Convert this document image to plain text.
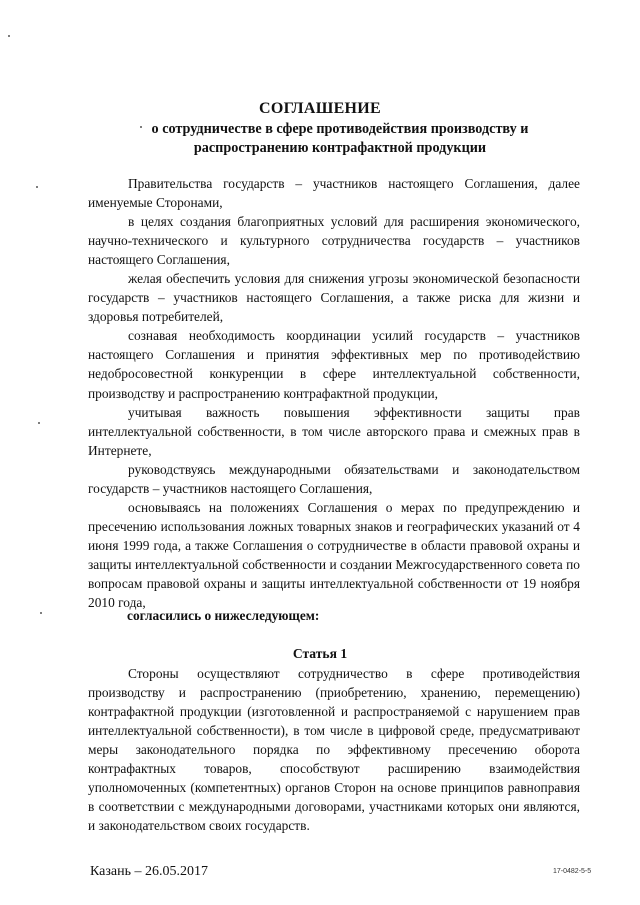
СОГЛАШЕНИЕ
о сотрудничестве в сфере противодействия производству и распространению контрафактной продукции

Правительства государств – участников настоящего Соглашения, далее именуемые Сторонами,

в целях создания благоприятных условий для расширения экономического, научно-технического и культурного сотрудничества государств – участников настоящего Соглашения,

желая обеспечить условия для снижения угрозы экономической безопасности государств – участников настоящего Соглашения, а также риска для жизни и здоровья потребителей,

сознавая необходимость координации усилий государств – участников настоящего Соглашения и принятия эффективных мер по противодействию недобросовестной конкуренции в сфере интеллектуальной собственности, производству и распространению контрафактной продукции,

учитывая важность повышения эффективности защиты прав интеллектуальной собственности, в том числе авторского права и смежных прав в Интернете,

руководствуясь международными обязательствами и законодательством государств – участников настоящего Соглашения,

основываясь на положениях Соглашения о мерах по предупреждению и пресечению использования ложных товарных знаков и географических указаний от 4 июня 1999 года, а также Соглашения о сотрудничестве в области правовой охраны и защиты интеллектуальной собственности и создании Межгосударственного совета по вопросам правовой охраны и защиты интеллектуальной собственности от 19 ноября 2010 года,

согласились о нижеследующем:
Статья 1

Стороны осуществляют сотрудничество в сфере противодействия производству и распространению (приобретению, хранению, перемещению) контрафактной продукции (изготовленной и распространяемой с нарушением прав интеллектуальной собственности), в том числе в цифровой среде, предусматривают меры законодательного порядка по эффективному пресечению оборота контрафактных товаров, способствуют расширению взаимодействия уполномоченных (компетентных) органов Сторон на основе принципов равноправия в соответствии с международными договорами, участниками которых они являются, и законодательством своих государств.

Казань – 26.05.2017	17-0482-5-5
